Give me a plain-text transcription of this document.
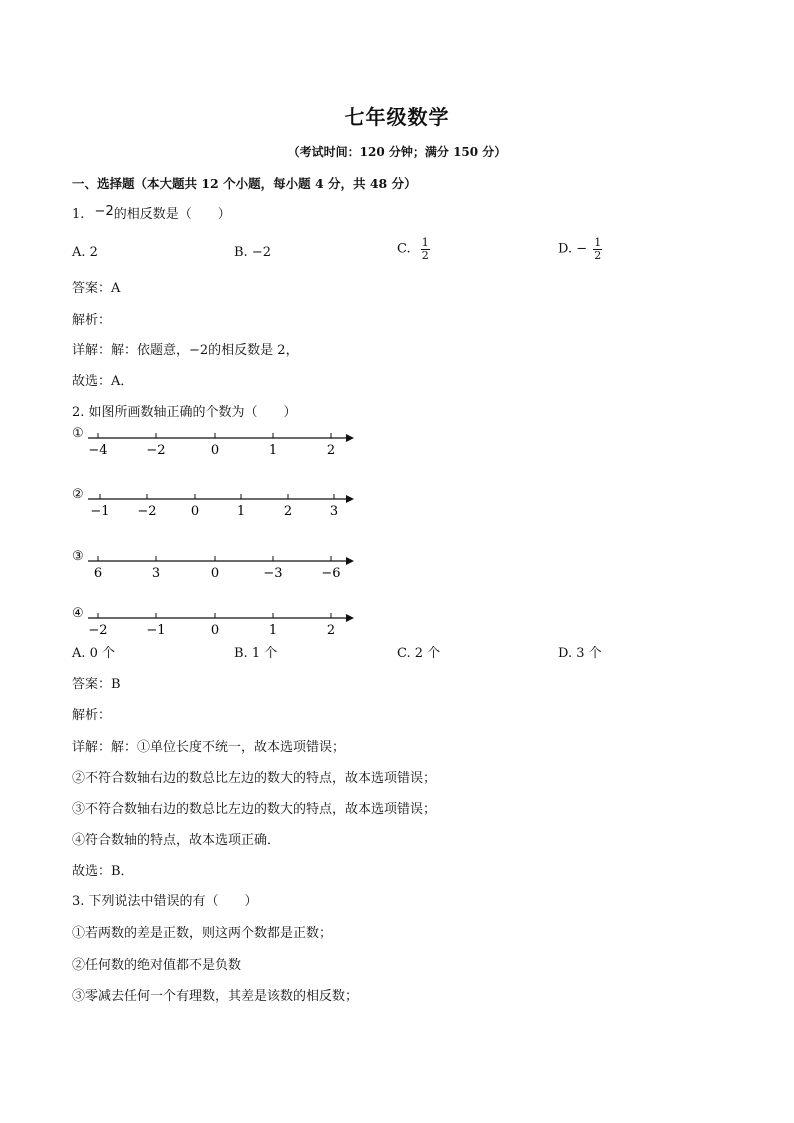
七年级数学
（考试时间：120 分钟；满分 150 分）
一、选择题（本大题共 12 个小题，每小题 4 分，共 48 分）
1. −2的相反数是（　　）
A. 2	B. −2	C. $\frac{1}{2}$	D. − $\frac{1}{2}$
答案：A
解析：
详解：解：依题意，−2的相反数是 2，
故选：A．
2. 如图所画数轴正确的个数为（　　）
①
−4	−2	0	1	2
②
−1 −2	0	1	2	3
③
6	3	0	−3	−6
④
−2	−1	0	1	2
A. 0 个	B. 1 个	C. 2 个	D. 3 个
答案：B
解析：
详解：解：①单位长度不统一，故本选项错误；
②不符合数轴右边的数总比左边的数大的特点，故本选项错误；
③不符合数轴右边的数总比左边的数大的特点，故本选项错误；
④符合数轴的特点，故本选项正确．
故选：B．
3. 下列说法中错误的有（　　）
①若两数的差是正数，则这两个数都是正数；
②任何数的绝对值都不是负数
③零减去任何一个有理数，其差是该数的相反数；
